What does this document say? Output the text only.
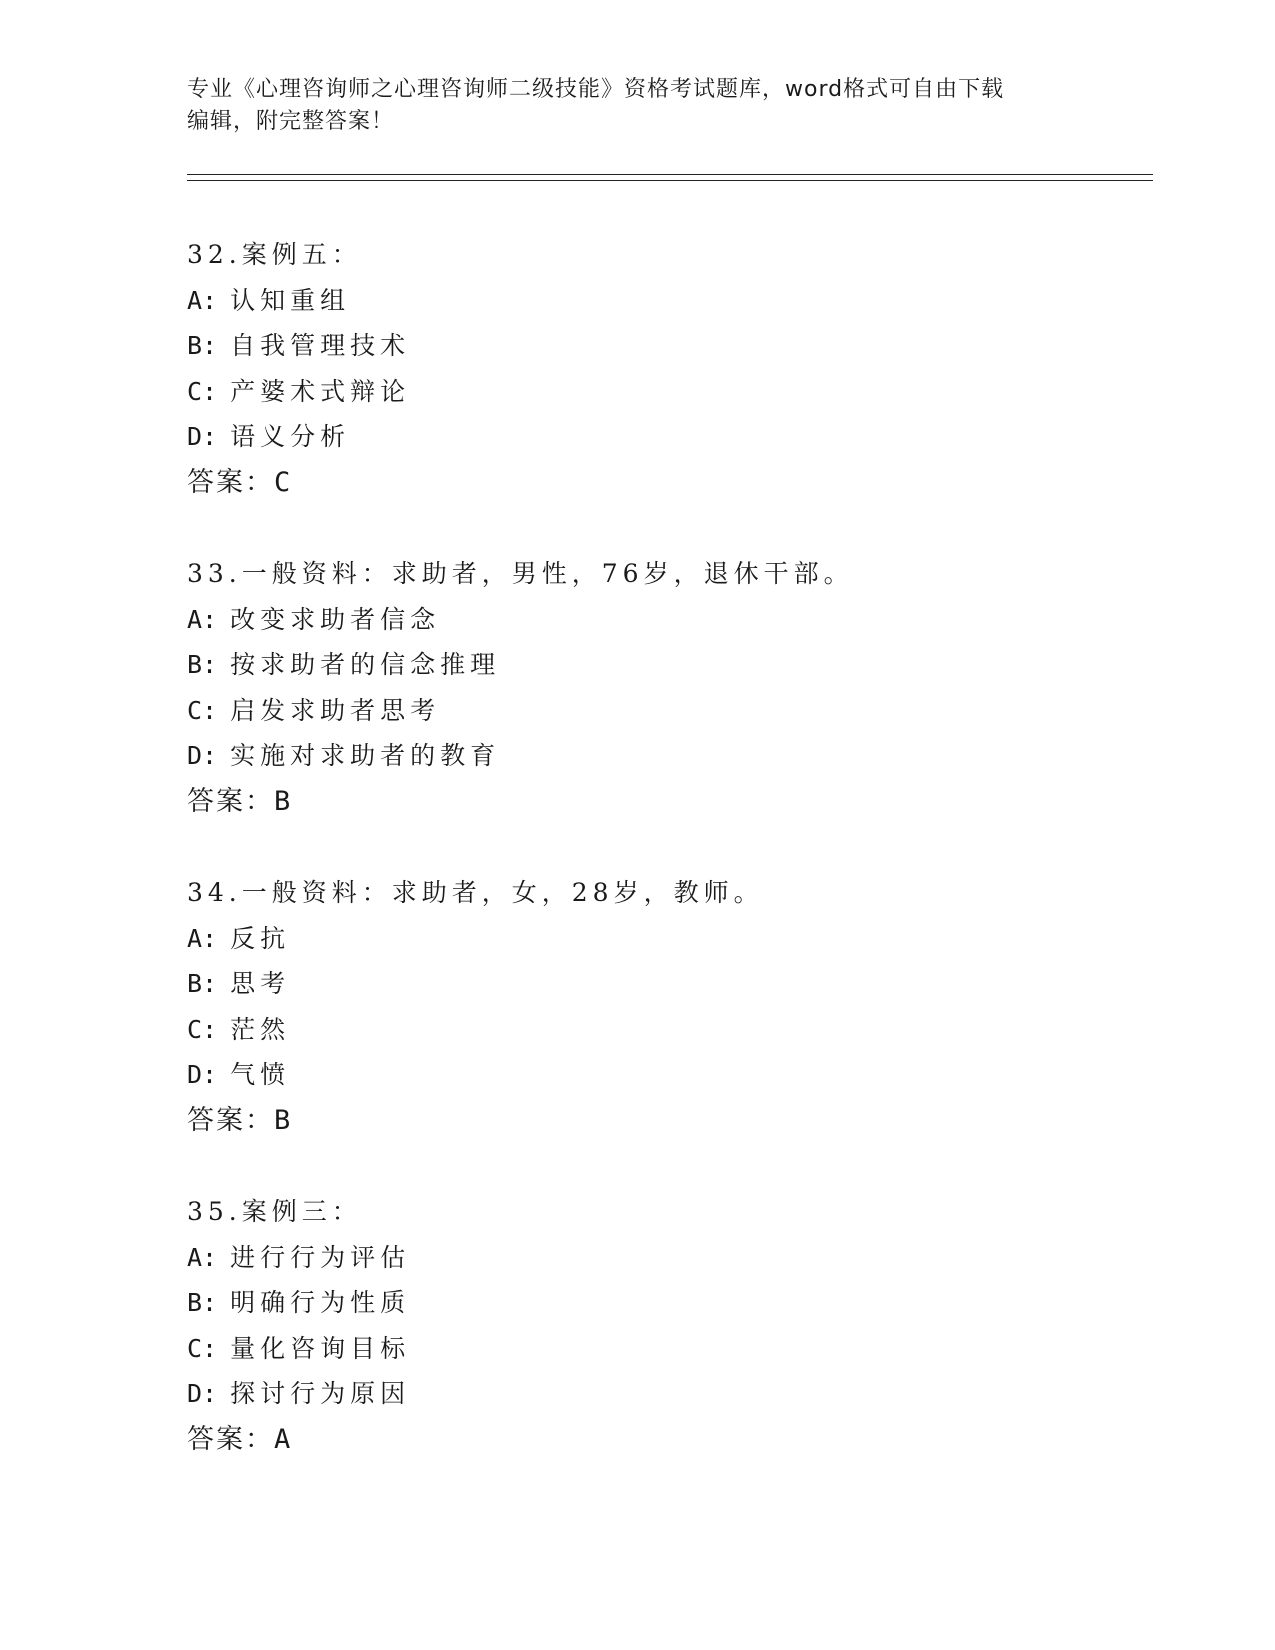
专业《心理咨询师之心理咨询师二级技能》资格考试题库，word格式可自由下载
编辑，附完整答案！
32.案例五：
A: 认知重组
B: 自我管理技术
C: 产婆术式辩论
D: 语义分析
答案：C
33.一般资料：求助者，男性，76岁，退休干部。
A: 改变求助者信念
B: 按求助者的信念推理
C: 启发求助者思考
D: 实施对求助者的教育
答案：B
34.一般资料：求助者，女，28岁，教师。
A: 反抗
B: 思考
C: 茫然
D: 气愤
答案：B
35.案例三：
A: 进行行为评估
B: 明确行为性质
C: 量化咨询目标
D: 探讨行为原因
答案：A
